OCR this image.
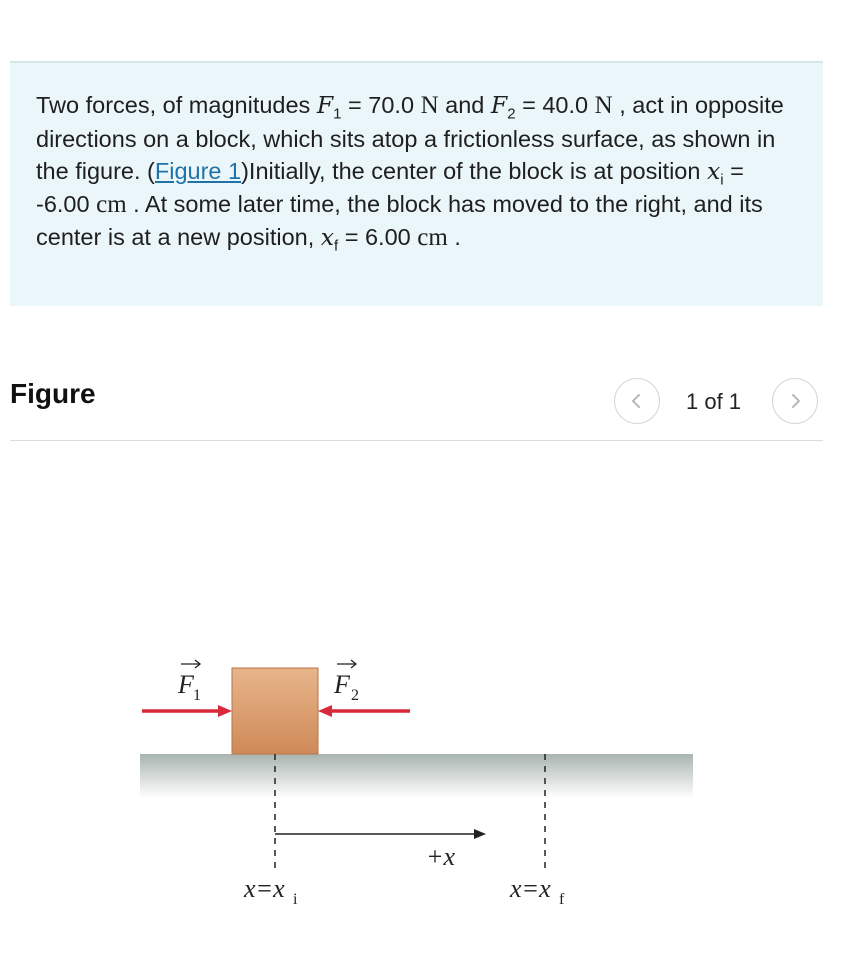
Two forces, of magnitudes $F_1 = 70.0$ N and $F_2 = 40.0$ N , act in opposite directions on a block, which sits atop a frictionless surface, as shown in the figure. (Figure 1)Initially, the center of the block is at position $x_i = -6.00$ cm . At some later time, the block has moved to the right, and its center is at a new position, $x_f = 6.00$ cm .
Figure	1 of 1
F 1	F 2
+x
x=x i	x=x f
